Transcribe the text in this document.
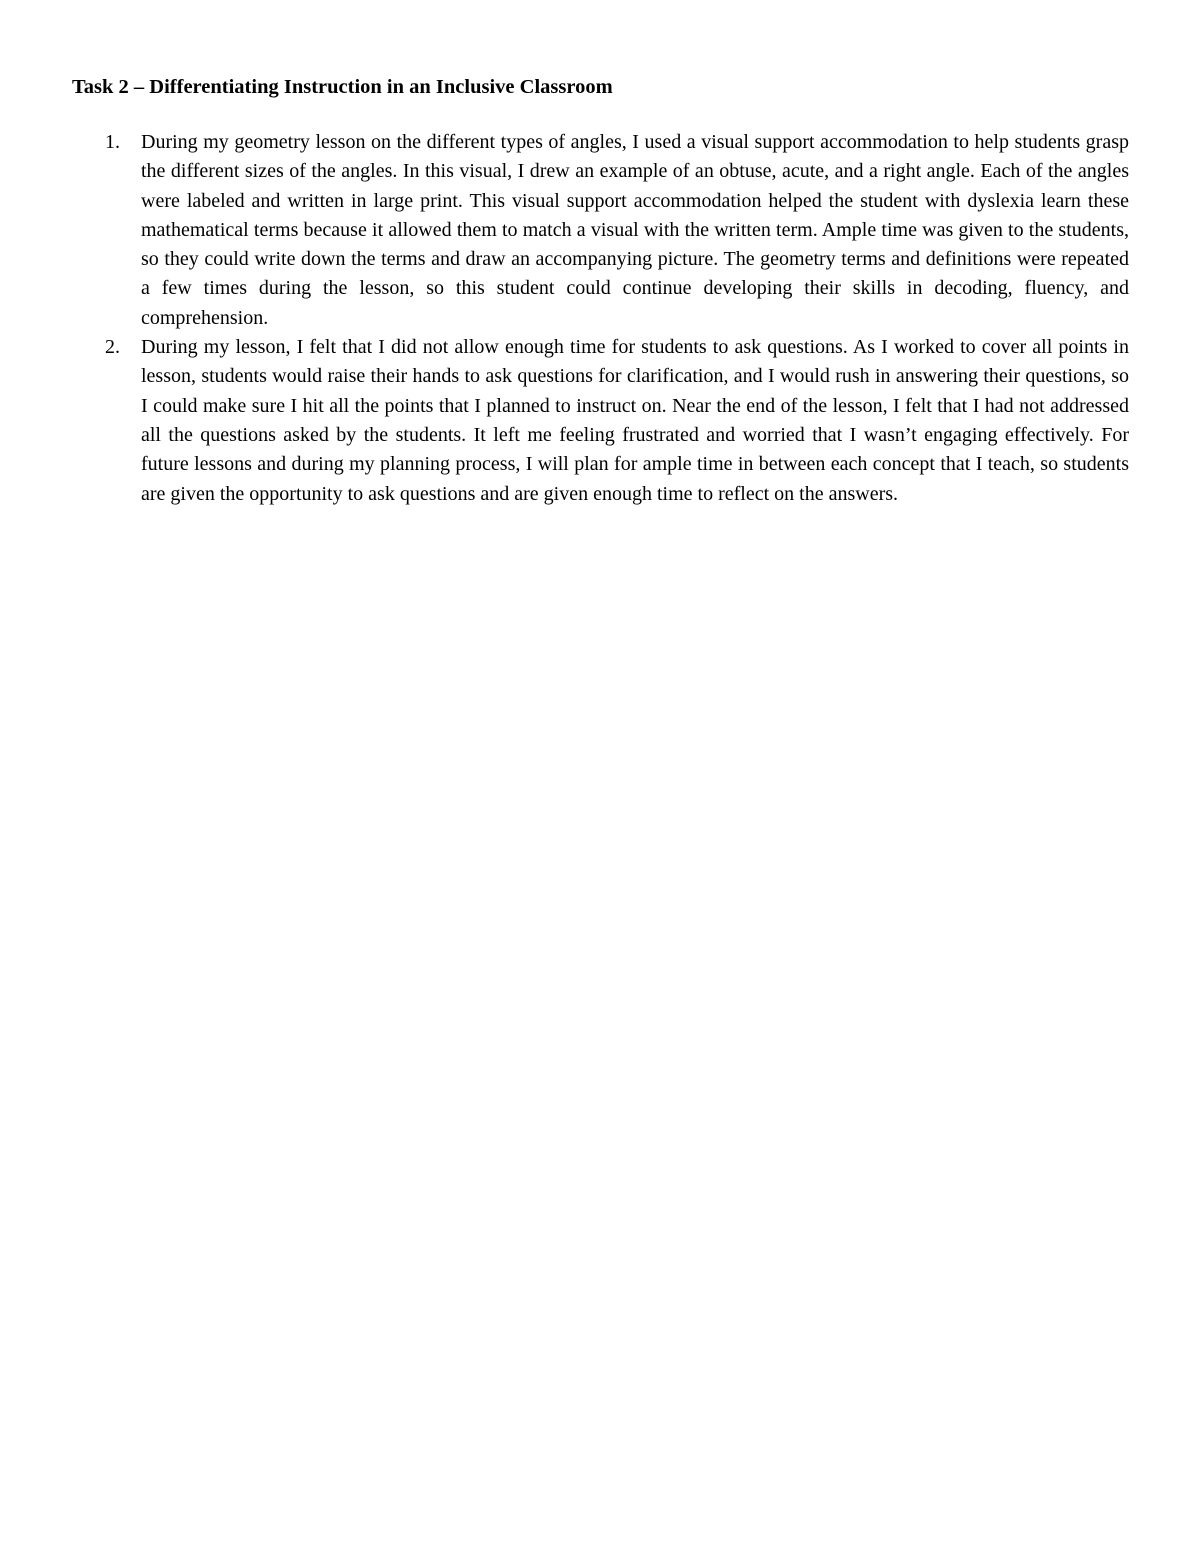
Task 2 – Differentiating Instruction in an Inclusive Classroom
1.	During my geometry lesson on the different types of angles, I used a visual support accommodation to help students grasp the different sizes of the angles. In this visual, I drew an example of an obtuse, acute, and a right angle. Each of the angles were labeled and written in large print. This visual support accommodation helped the student with dyslexia learn these mathematical terms because it allowed them to match a visual with the written term. Ample time was given to the students, so they could write down the terms and draw an accompanying picture. The geometry terms and definitions were repeated a few times during the lesson, so this student could continue developing their skills in decoding, fluency, and comprehension.
2.	During my lesson, I felt that I did not allow enough time for students to ask questions. As I worked to cover all points in lesson, students would raise their hands to ask questions for clarification, and I would rush in answering their questions, so I could make sure I hit all the points that I planned to instruct on. Near the end of the lesson, I felt that I had not addressed all the questions asked by the students. It left me feeling frustrated and worried that I wasn’t engaging effectively. For future lessons and during my planning process, I will plan for ample time in between each concept that I teach, so students are given the opportunity to ask questions and are given enough time to reflect on the answers.
